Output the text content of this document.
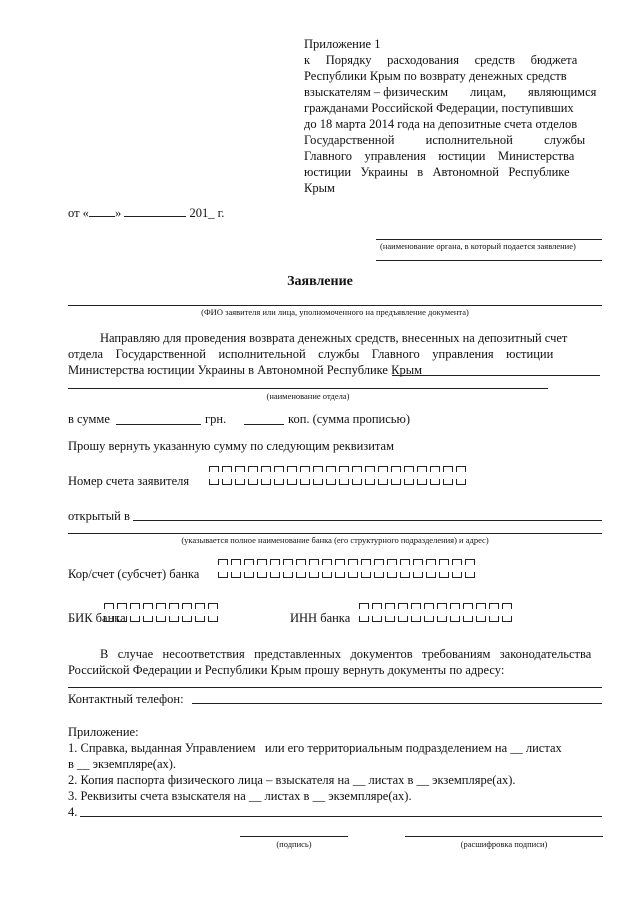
Приложение 1
к     Порядку     расходования     средств     бюджета
Республики Крым по возврату денежных средств
взыскателям – физическим       лицам,       являющимся
гражданами Российской Федерации, поступивших
до 18 марта 2014 года на депозитные счета отделов
Государственной          исполнительной          службы
Главного    управления    юстиции    Министерства
юстиции   Украины   в   Автономной   Республике
Крым
от « »	201_ г.
(наименование органа, в который подается заявление)
Заявление
(ФИО заявителя или лица, уполномоченного на предъявление документа)
Направляю для проведения возврата денежных средств, внесенных на депозитный счет
отдела    Государственной    исполнительной    службы    Главного    управления    юстиции
Министерства юстиции Украины в Автономной Республике Крым
(наименование отдела)
в сумме	грн.	коп. (сумма прописью)
Прошу вернуть указанную сумму по следующим реквизитам
Номер счета заявителя
открытый в
(указывается полное наименование банка (его структурного подразделения) и адрес)
Кор/счет (субсчет) банка
БИК банка	ИНН банка
В   случае   несоответствия   представленных   документов   требованиям   законодательства
Российской Федерации и Республики Крым прошу вернуть документы по адресу:
Контактный телефон:
Приложение:
1. Справка, выданная Управлением   или его территориальным подразделением на __ листах
в __ экземпляре(ах).
2. Копия паспорта физического лица – взыскателя на __ листах в __ экземпляре(ах).
3. Реквизиты счета взыскателя на __ листах в __ экземпляре(ах).
4.
(подпись)	(расшифровка подписи)
